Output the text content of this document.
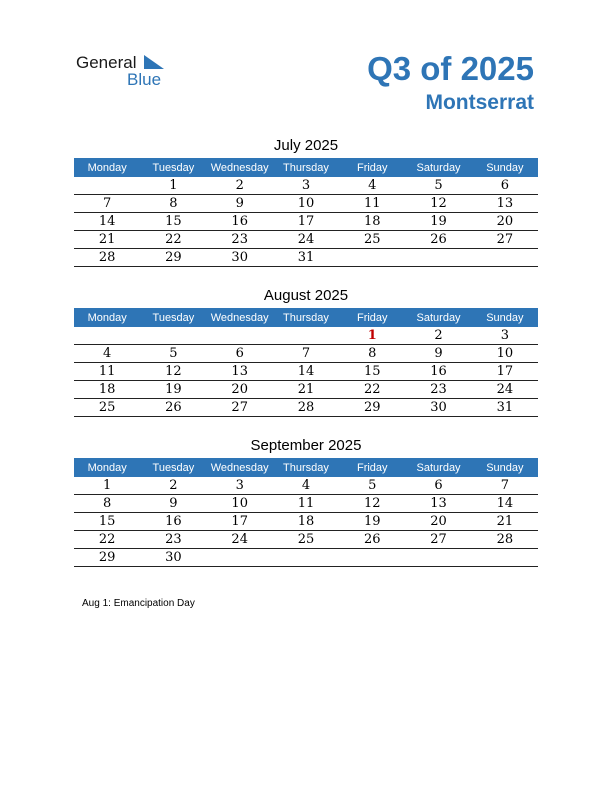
General
Blue	Q3 of 2025
Montserrat
July 2025
Monday	Tuesday	Wednesday	Thursday	Friday	Saturday	Sunday
	1	2	3	4	5	6
7	8	9	10	11	12	13
14	15	16	17	18	19	20
21	22	23	24	25	26	27
28	29	30	31			
August 2025
Monday	Tuesday	Wednesday	Thursday	Friday	Saturday	Sunday
				1	2	3
4	5	6	7	8	9	10
11	12	13	14	15	16	17
18	19	20	21	22	23	24
25	26	27	28	29	30	31
September 2025
Monday	Tuesday	Wednesday	Thursday	Friday	Saturday	Sunday
1	2	3	4	5	6	7
8	9	10	11	12	13	14
15	16	17	18	19	20	21
22	23	24	25	26	27	28
29	30					
Aug 1: Emancipation Day
